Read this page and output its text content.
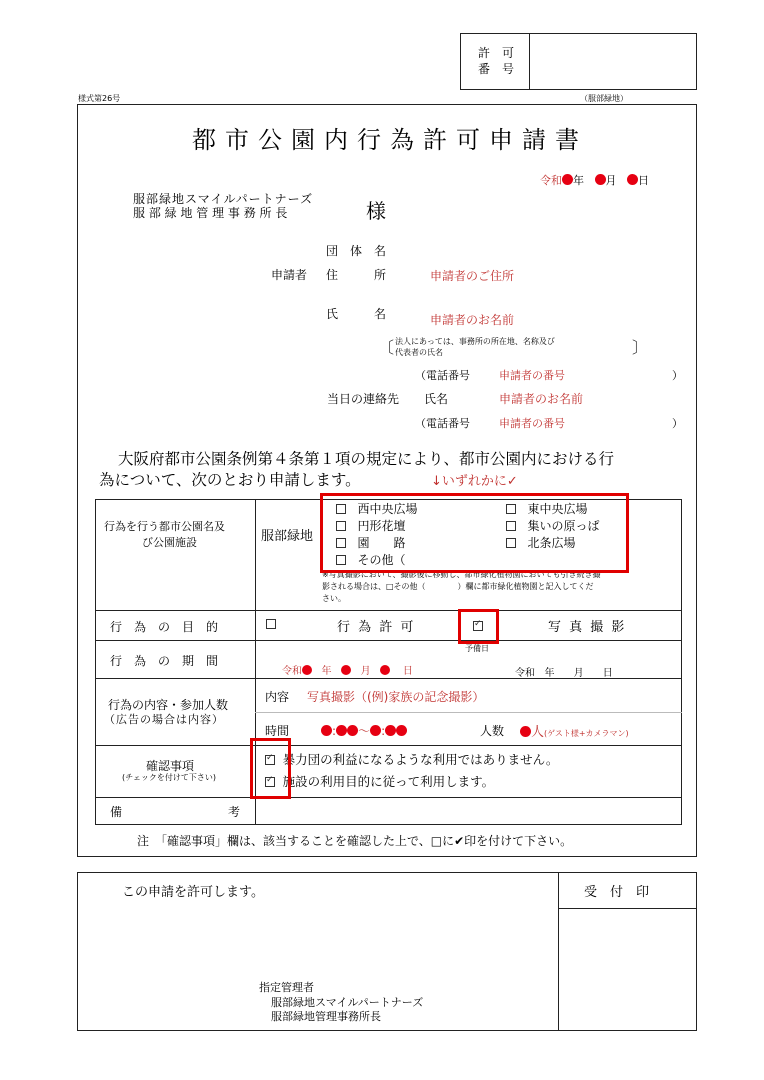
許　可
番　号
様式第26号	（服部緑地）
都市公園内行為許可申請書
令和 年 月 日
服部緑地スマイルパートナーズ
服 部 緑 地 管 理 事 務 所 長	様
団　体　名
申請者 住　　　所	申請者のご住所
氏　　　名	申請者のお名前
〔 法人にあっては、事務所の所在地、名称及び
代表者の氏名	〕
（電話番号	申請者の番号	）
当日の連絡先 氏名	申請者のお名前
（電話番号	申請者の番号	）
大阪府都市公園条例第４条第１項の規定により、都市公園内における行
為について、次のとおり申請します。	↓いずれかに✓
行為を行う都市公園名及
び公園施設	服部緑地
西中央広場	東中央広場
円形花壇	集いの原っぱ
園　　路	北条広場
その他（
※写真撮影において、撮影後に移動し、都市緑化植物園においても引き続き撮
影される場合は、□その他（　　　　）欄に都市緑化植物園と記入してくだ
さい。
行　為　の　目　的	行 為 許 可 ✓	写 真 撮 影
行　為　の　期　間
予備日
令和 年	月	日	令和 年 月 日
行為の内容・参加人数
（広告の場合は内容）
内容 写真撮影（(例)家族の記念撮影）
時間	: ～ :	人数	人(ゲスト様+カメラマン)
確認事項
(チェックを付けて下さい)
✓  暴力団の利益になるような利用ではありません。
✓  施設の利用目的に従って利用します。
備	考
注　「確認事項」欄は、該当することを確認した上で、□に✔印を付けて下さい。
この申請を許可します。	受　付　印
指定管理者
服部緑地スマイルパートナーズ
服部緑地管理事務所長
